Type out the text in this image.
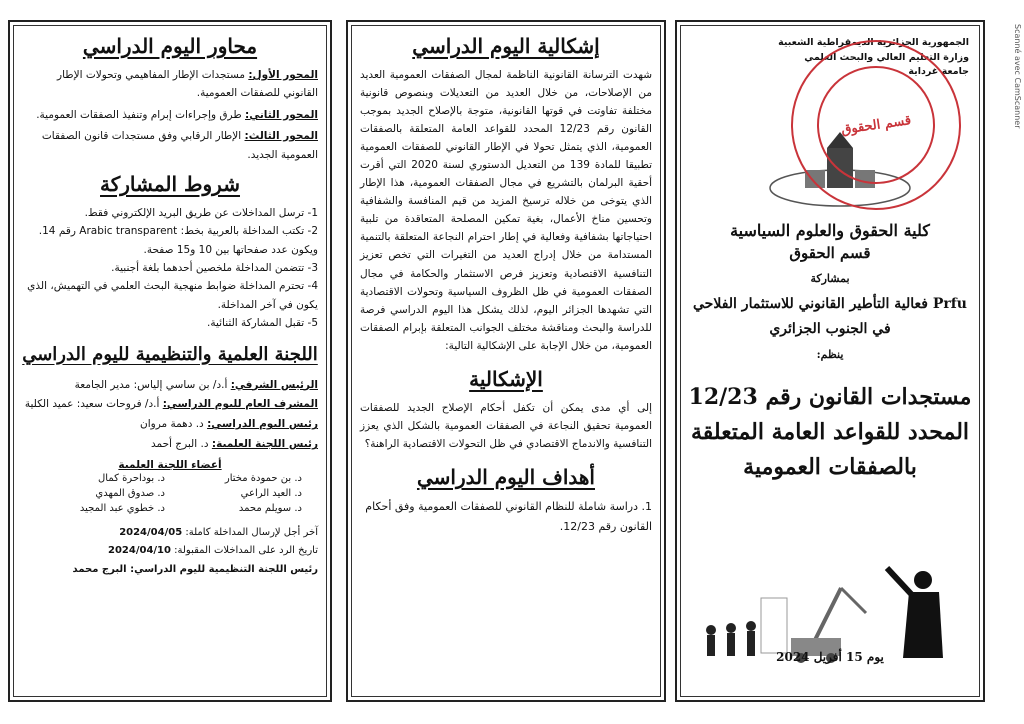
محاور اليوم الدراسي

المحور الأول: مستجدات الإطار المفاهيمي وتحولات الإطار القانوني للصفقات العمومية.

المحور الثاني: طرق وإجراءات إبرام وتنفيذ الصفقات العمومية.

المحور الثالث: الإطار الرقابي وفق مستجدات قانون الصفقات العمومية الجديد.

شروط المشاركة

1- ترسل المداخلات عن طريق البريد الإلكتروني فقط.

2- تكتب المداخلة بالعربية بخط: Arabic transparent رقم 14. ويكون عدد صفحاتها بين 10 و15 صفحة.

3- تتضمن المداخلة ملخصين أحدهما بلغة أجنبية.

4- تحترم المداخلة ضوابط منهجية البحث العلمي في التهميش، الذي يكون في آخر المداخلة.

5- تقبل المشاركة الثنائية.

اللجنة العلمية والتنظيمية لليوم الدراسي

الرئيس الشرفي: أ.د/ بن ساسي إلياس: مدير الجامعة

المشرف العام لليوم الدراسي: أ.د/ فروحات سعيد: عميد الكلية

رئيس اليوم الدراسي: د. دهمة مروان

رئيس اللجنة العلمية: د. البرج أحمد

أعضاء اللجنة العلمية
د. بن حمودة مختار
د. بوداحرة كمال
د. العيد الراعي
د. صدوق المهدي
د. سويلم محمد
د. خطوي عبد المجيد
آخر أجل لإرسال المداخلة كاملة: 2024/04/05
تاريخ الرد على المداخلات المقبولة: 2024/04/10
رئيس اللجنة التنظيمية لليوم الدراسي: البرج محمد
إشكالية اليوم الدراسي

شهدت الترسانة القانونية الناظمة لمجال الصفقات العمومية العديد من الإصلاحات، من خلال العديد من التعديلات وبنصوص قانونية مختلفة تفاوتت في قوتها القانونية، متوجة بالإصلاح الجديد بموجب القانون رقم 12/23 المحدد للقواعد العامة المتعلقة بالصفقات العمومية، الذي يتمثل تحولا في الإطار القانوني للصفقات العمومية تطبيقا للمادة 139 من التعديل الدستوري لسنة 2020 التي أقرت أحقية البرلمان بالتشريع في مجال الصفقات العمومية، هذا الإطار الذي يتوخى من خلاله ترسيخ المزيد من قيم المنافسة والشفافية وتحسين مناخ الأعمال، بغية تمكين المصلحة المتعاقدة من تلبية احتياجاتها بشفافية وفعالية في إطار احترام النجاعة المتعلقة بالتنمية المستدامة من خلال إدراج العديد من التغيرات التي تخص تعزيز التنافسية الاقتصادية وتعزيز فرص الاستثمار والحكامة في مجال الصفقات العمومية في ظل الظروف السياسية وتحولات الاقتصادية التي تشهدها الجزائر اليوم، لذلك يشكل هذا اليوم الدراسي فرصة للدراسة والبحث ومناقشة مختلف الجوانب المتعلقة بإبرام الصفقات العمومية، من خلال الإجابة على الإشكالية التالية:

الإشكالية

إلى أي مدى يمكن أن تكفل أحكام الإصلاح الجديد للصفقات العمومية تحقيق النجاعة في الصفقات العمومية بالشكل الذي يعزز التنافسية والاندماج الاقتصادي في ظل التحولات الاقتصادية الراهنة؟

أهداف اليوم الدراسي

1. دراسة شاملة للنظام القانوني للصفقات العمومية وفق أحكام القانون رقم 12/23.

الجمهورية الجزائرية الديمقراطية الشعبية

وزارة التعليم العالي والبحث العلمي

جامعة غرداية

قسم الحقوق
كلية الحقوق والعلوم السياسية
قسم الحقوق
بمشاركة
Prfu فعالية التأطير القانوني للاستثمار الفلاحي في الجنوب الجزائري
ينظم:
مستجدات القانون رقم 12/23
المحدد للقواعد العامة المتعلقة
بالصفقات العمومية
يوم 15 أفريل 2024
Scanné avec CamScanner
